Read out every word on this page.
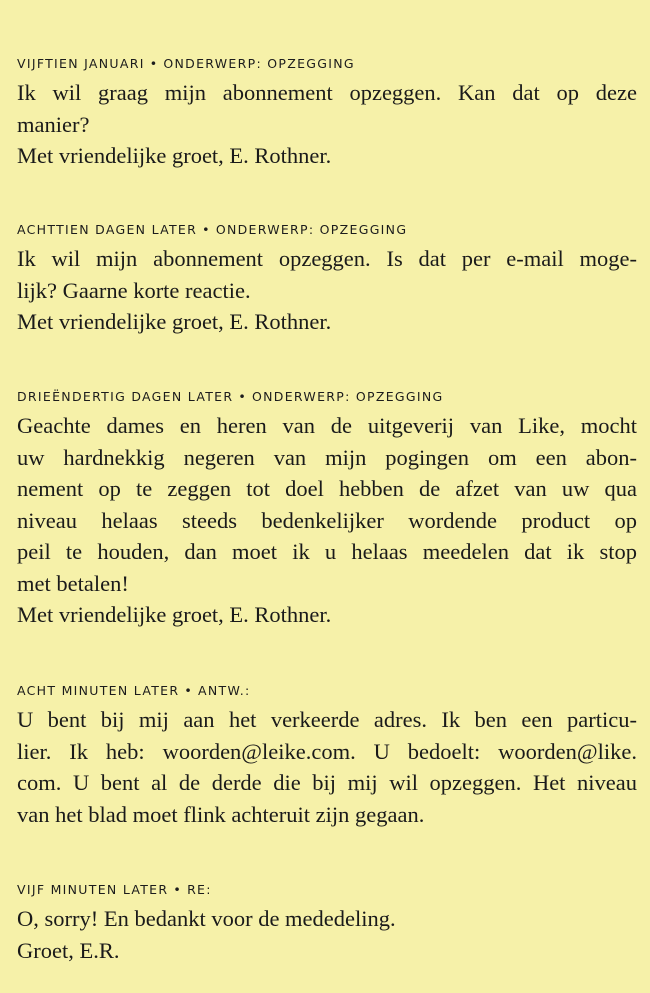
VIJFTIEN JANUARI • ONDERWERP: OPZEGGING
Ik wil graag mijn abonnement opzeggen. Kan dat op deze
manier?
Met vriendelijke groet, E. Rothner.
ACHTTIEN DAGEN LATER • ONDERWERP: OPZEGGING
Ik wil mijn abonnement opzeggen. Is dat per e-mail moge-
lijk? Gaarne korte reactie.
Met vriendelijke groet, E. Rothner.
DRIEËNDERTIG DAGEN LATER • ONDERWERP: OPZEGGING
Geachte dames en heren van de uitgeverij van Like, mocht
uw hardnekkig negeren van mijn pogingen om een abon-
nement op te zeggen tot doel hebben de afzet van uw qua
niveau helaas steeds bedenkelijker wordende product op
peil te houden, dan moet ik u helaas meedelen dat ik stop
met betalen!
Met vriendelijke groet, E. Rothner.
ACHT MINUTEN LATER • ANTW.:
U bent bij mij aan het verkeerde adres. Ik ben een particu-
lier. Ik heb: woorden@leike.com. U bedoelt: woorden@like.
com. U bent al de derde die bij mij wil opzeggen. Het niveau
van het blad moet flink achteruit zijn gegaan.
VIJF MINUTEN LATER • RE:
O, sorry! En bedankt voor de mededeling.
Groet, E.R.
